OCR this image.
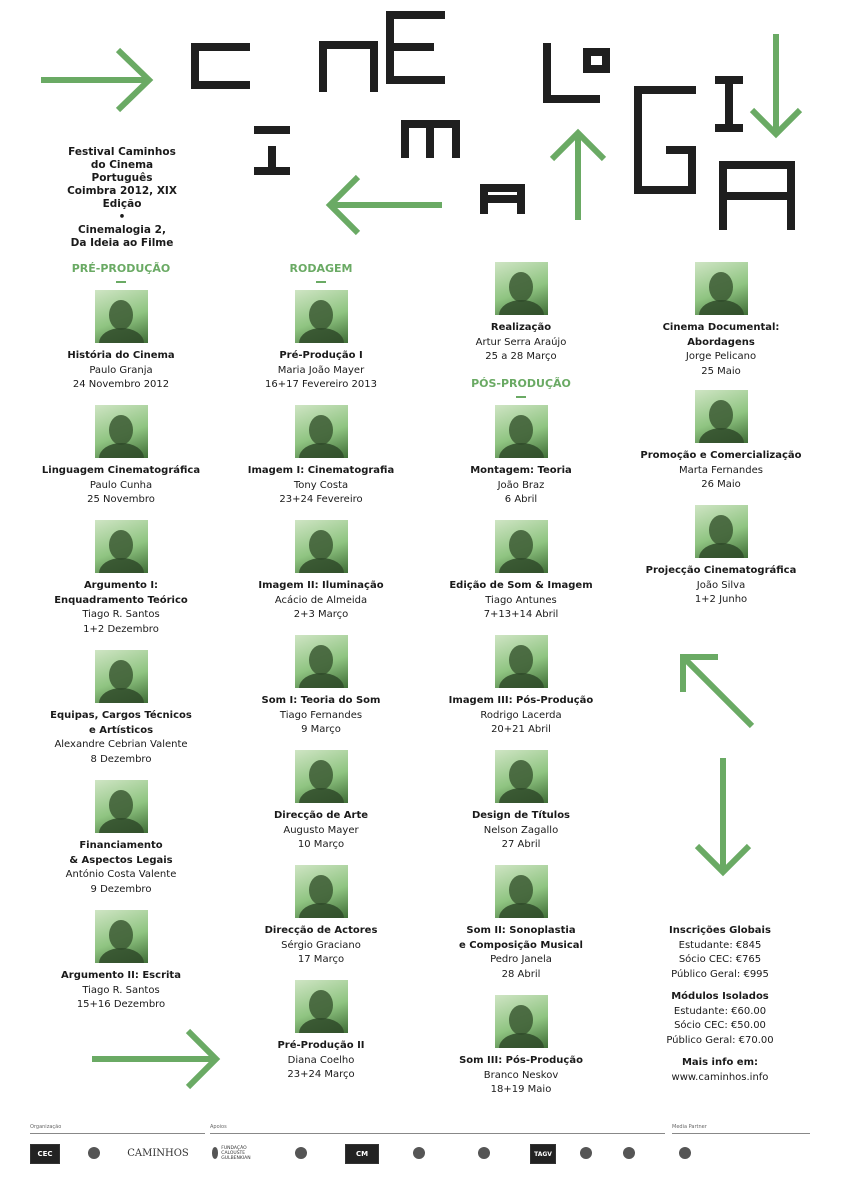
Festival Caminhos
do Cinema Português
Coimbra 2012, XIX Edição
•
Cinemalogia 2,
Da Ideia ao Filme
PRÉ-PRODUÇÃO	RODAGEM
PÓS-PRODUÇÃO
História do Cinema
Paulo Granja
24 Novembro 2012
Linguagem Cinematográfica
Paulo Cunha
25 Novembro
Argumento I:
Enquadramento Teórico
Tiago R. Santos
1+2 Dezembro
Equipas, Cargos Técnicos
e Artísticos
Alexandre Cebrian Valente
8 Dezembro
Financiamento
& Aspectos Legais
António Costa Valente
9 Dezembro
Argumento II: Escrita
Tiago R. Santos
15+16 Dezembro
Pré-Produção I
Maria João Mayer
16+17 Fevereiro 2013
Imagem I: Cinematografia
Tony Costa
23+24 Fevereiro
Imagem II: Iluminação
Acácio de Almeida
2+3 Março
Som I: Teoria do Som
Tiago Fernandes
9 Março
Direcção de Arte
Augusto Mayer
10 Março
Direcção de Actores
Sérgio Graciano
17 Março
Pré-Produção II
Diana Coelho
23+24 Março
Realização
Artur Serra Araújo
25 a 28 Março
Montagem: Teoria
João Braz
6 Abril
Edição de Som & Imagem
Tiago Antunes
7+13+14 Abril
Imagem III: Pós-Produção
Rodrigo Lacerda
20+21 Abril
Design de Títulos
Nelson Zagallo
27 Abril
Som II: Sonoplastia
e Composição Musical
Pedro Janela
28 Abril
Som III: Pós-Produção
Branco Neskov
18+19 Maio
Cinema Documental:
Abordagens
Jorge Pelicano
25 Maio
Promoção e Comercialização
Marta Fernandes
26 Maio
Projecção Cinematográfica
João Silva
1+2 Junho
Inscrições Globais
Estudante: €845
Sócio CEC: €765
Público Geral: €995
Módulos Isolados
Estudante: €60.00
Sócio CEC: €50.00
Público Geral: €70.00
Mais info em:
www.caminhos.info
Organização	Apoios	Media Partner
CEC	CAMINHOS	FUNDAÇÃO CALOUSTE GULBENKIAN	CM	TAGV
